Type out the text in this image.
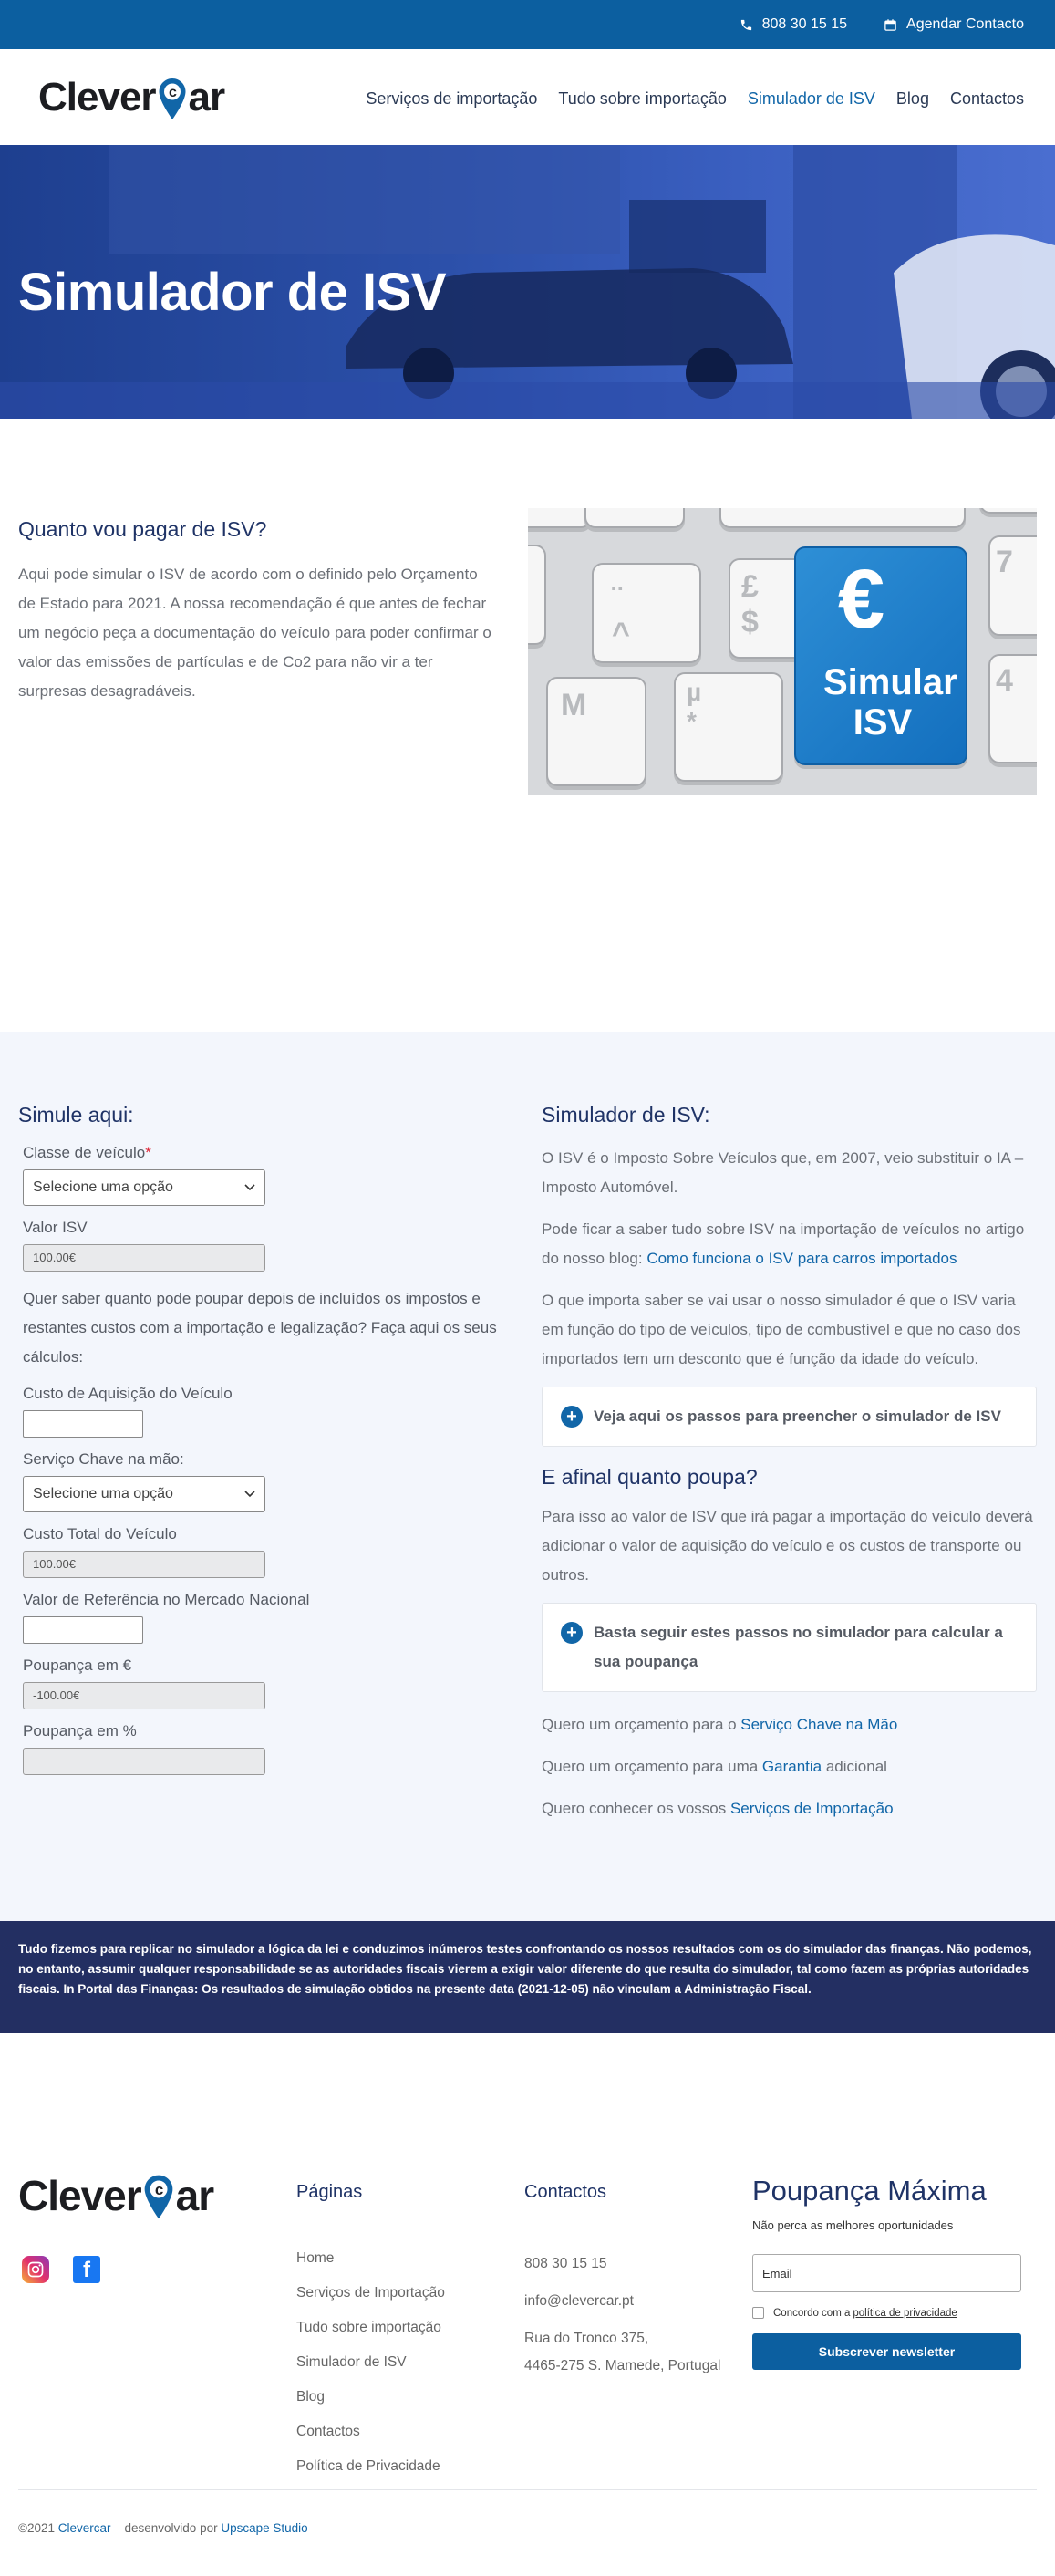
808 30 15 15	Agendar Contacto
Clever c ar	Serviços de importação Tudo sobre importação Simulador de ISV Blog Contactos
Simulador de ISV
Quanto vou pagar de ISV?

Aqui pode simular o ISV de acordo com o definido pelo Orçamento de Estado para 2021. A nossa recomendação é que antes de fechar um negócio peça a documentação do veículo para poder confirmar o valor das emissões de partículas e de Co2 para não vir a ter surpresas desagradáveis.

¨
^
£
$
7
M	µ
*
4
€
Simular
ISV
Simule aqui:
Classe de veículo*
Selecione uma opção
Valor ISV
100.00€
Quer saber quanto pode poupar depois de incluídos os impostos e restantes custos com a importação e legalização? Faça aqui os seus cálculos:
Custo de Aquisição do Veículo
Serviço Chave na mão:
Selecione uma opção
Custo Total do Veículo
100.00€
Valor de Referência no Mercado Nacional
Poupança em €
-100.00€
Poupança em %
Simulador de ISV:

O ISV é o Imposto Sobre Veículos que, em 2007, veio substituir o IA – Imposto Automóvel.

Pode ficar a saber tudo sobre ISV na importação de veículos no artigo do nosso blog: Como funciona o ISV para carros importados

O que importa saber se vai usar o nosso simulador é que o ISV varia em função do tipo de veículos, tipo de combustível e que no caso dos importados tem um desconto que é função da idade do veículo.

+	Veja aqui os passos para preencher o simulador de ISV
E afinal quanto poupa?

Para isso ao valor de ISV que irá pagar a importação do veículo deverá adicionar o valor de aquisição do veículo e os custos de transporte ou outros.

+	Basta seguir estes passos no simulador para calcular a sua poupança

Quero um orçamento para o Serviço Chave na Mão

Quero um orçamento para uma Garantia adicional

Quero conhecer os vossos Serviços de Importação

Tudo fizemos para replicar no simulador a lógica da lei e conduzimos inúmeros testes confrontando os nossos resultados com os do simulador das finanças. Não podemos, no entanto, assumir qualquer responsabilidade se as autoridades fiscais vierem a exigir valor diferente do que resulta do simulador, tal como fazem as próprias autoridades fiscais. In Portal das Finanças: Os resultados de simulação obtidos na presente data (2021-12-05) não vinculam a Administração Fiscal.
Clever c ar
f
Páginas
Home
Serviços de Importação
Tudo sobre importação
Simulador de ISV
Blog
Contactos
Política de Privacidade
Contactos
808 30 15 15
info@clevercar.pt
Rua do Tronco 375,
4465-275 S. Mamede, Portugal
Poupança Máxima
Não perca as melhores oportunidades
Email
Concordo com a política de privacidade
Subscrever newsletter
©2021 Clevercar – desenvolvido por Upscape Studio
